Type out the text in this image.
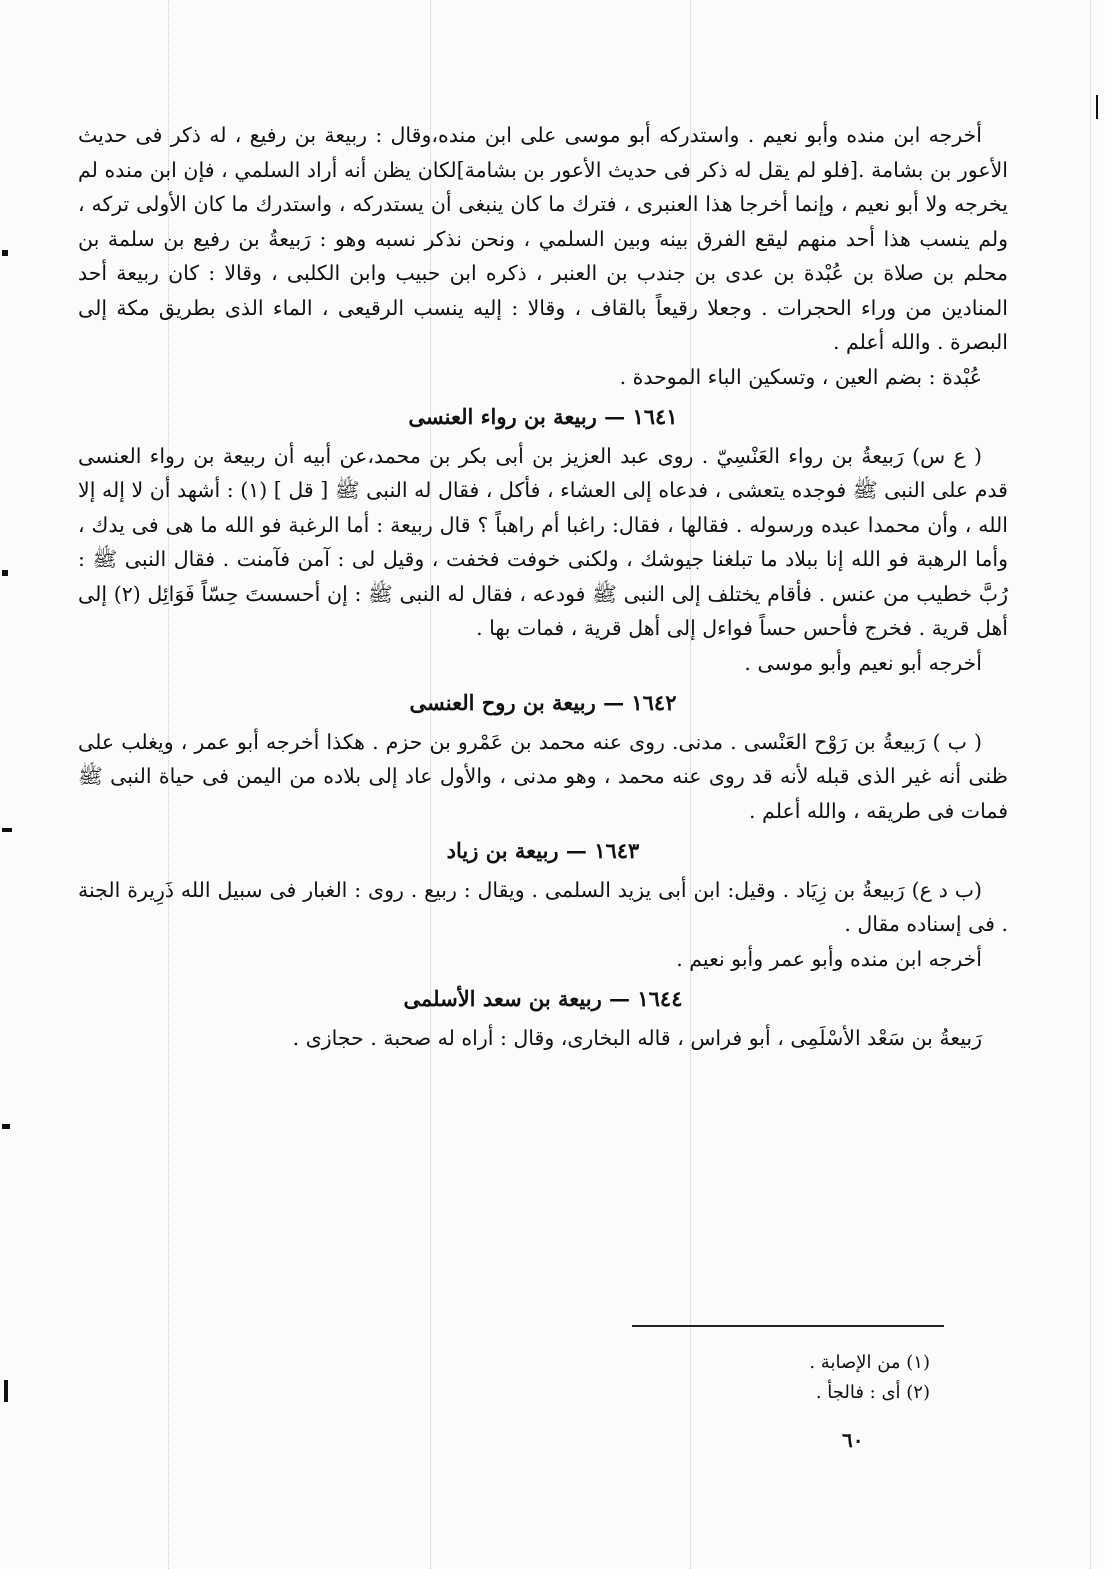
أخرجه ابن منده وأبو نعيم . واستدركه أبو موسى على ابن منده،وقال : ربيعة بن رفيع ، له ذكر فى حديث الأعور بن بشامة .[فلو لم يقل له ذكر فى حديث الأعور بن بشامة]لكان يظن أنه أراد السلمي ، فإن ابن منده لم يخرجه ولا أبو نعيم ، وإنما أخرجا هذا العنبرى ، فترك ما كان ينبغى أن يستدركه ، واستدرك ما كان الأولى تركه ، ولم ينسب هذا أحد منهم ليقع الفرق بينه وبين السلمي ، ونحن نذكر نسبه وهو : رَبيعةُ بن رفيع بن سلمة بن محلم بن صلاة بن عُبْدة بن عدى بن جندب بن العنبر ، ذكره ابن حبيب وابن الكلبى ، وقالا : كان ربيعة أحد المنادين من وراء الحجرات . وجعلا رقيعاً بالقاف ، وقالا : إليه ينسب الرقيعى ، الماء الذى بطريق مكة إلى البصرة . والله أعلم .

عُبْدة : بضم العين ، وتسكين الباء الموحدة .

١٦٤١ — ربيعة بن رواء العنسى

( ع س) رَبيعةُ بن رواء العَنْسِيّ . روى عبد العزيز بن أبى بكر بن محمد،عن أبيه أن ربيعة بن رواء العنسى قدم على النبى ﷺ فوجده يتعشى ، فدعاه إلى العشاء ، فأكل ، فقال له النبى ﷺ [ قل ] (١) : أشهد أن لا إله إلا الله ، وأن محمدا عبده ورسوله . فقالها ، فقال: راغبا أم راهباً ؟ قال ربيعة : أما الرغبة فو الله ما هى فى يدك ، وأما الرهبة فو الله إنا ببلاد ما تبلغنا جيوشك ، ولكنى خوفت فخفت ، وقيل لى : آمن فآمنت . فقال النبى ﷺ : رُبَّ خطيب من عنس . فأقام يختلف إلى النبى ﷺ فودعه ، فقال له النبى ﷺ : إن أحسستَ حِسّاً فَوَائِل (٢) إلى أهل قرية . فخرج فأحس حساً فواءل إلى أهل قرية ، فمات بها .

أخرجه أبو نعيم وأبو موسى .

١٦٤٢ — ربيعة بن روح العنسى

( ب ) رَبيعةُ بن رَوْح العَنْسى . مدنى. روى عنه محمد بن عَمْرو بن حزم . هكذا أخرجه أبو عمر ، ويغلب على ظنى أنه غير الذى قبله لأنه قد روى عنه محمد ، وهو مدنى ، والأول عاد إلى بلاده من اليمن فى حياة النبى ﷺ فمات فى طريقه ، والله أعلم .

١٦٤٣ — ربيعة بن زياد

(ب د ع) رَبيعةُ بن زِيَاد . وقيل: ابن أبى يزيد السلمى . ويقال : ربيع . روى : الغبار فى سبيل الله ذَرِيرة الجنة . فى إسناده مقال .

أخرجه ابن منده وأبو عمر وأبو نعيم .

١٦٤٤ — ربيعة بن سعد الأسلمى

رَبيعةُ بن سَعْد الأسْلَمِى ، أبو فراس ، قاله البخارى، وقال : أراه له صحبة . حجازى .

(١) من الإصابة .

(٢) أى : فالجأ .

٦٠
